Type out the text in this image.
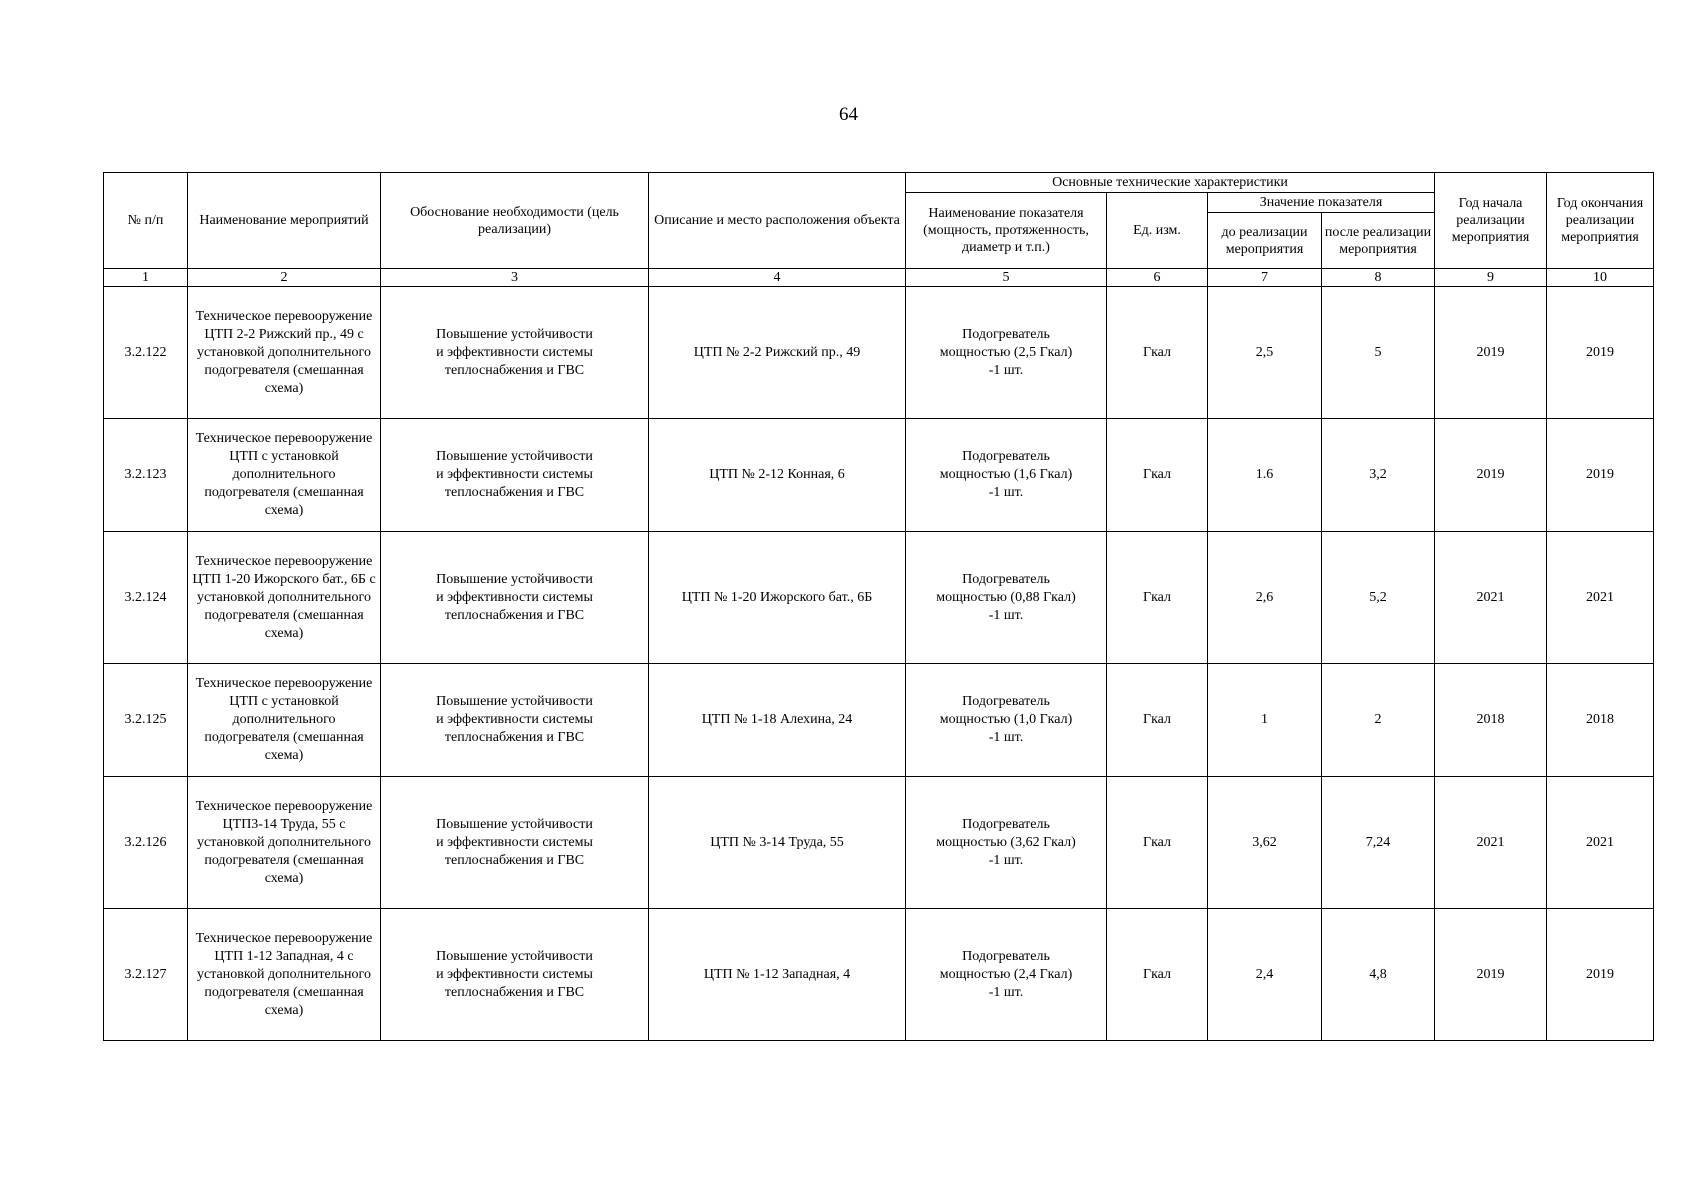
64
№ п/п	Наименование мероприятий	Обоснование необходимости (цель реализации)	Описание и место расположения объекта	Основные технические характеристики				Год начала реализации мероприятия	Год окончания реализации мероприятия
				Наименование показателя (мощность, протяженность, диаметр и т.п.)	Ед. изм.	Значение показателя			
						до реализации мероприятия	после реализации мероприятия		
1	2	3	4	5	6	7	8	9	10
3.2.122	Техническое перевооружение ЦТП 2-2 Рижский пр., 49 с установкой дополнительного подогревателя (смешанная схема)	Повышение устойчивости
и эффективности системы
теплоснабжения и ГВС	ЦТП № 2-2 Рижский пр., 49	Подогреватель
мощностью (2,5 Гкал)
-1 шт.	Гкал	2,5	5	2019	2019
3.2.123	Техническое перевооружение ЦТП с установкой дополнительного подогревателя (смешанная схема)	Повышение устойчивости
и эффективности системы
теплоснабжения и ГВС	ЦТП № 2-12 Конная, 6	Подогреватель
мощностью (1,6 Гкал)
-1 шт.	Гкал	1.6	3,2	2019	2019
3.2.124	Техническое перевооружение ЦТП 1-20 Ижорского бат., 6Б с установкой дополнительного подогревателя (смешанная схема)	Повышение устойчивости
и эффективности системы
теплоснабжения и ГВС	ЦТП № 1-20 Ижорского бат., 6Б	Подогреватель
мощностью (0,88 Гкал)
-1 шт.	Гкал	2,6	5,2	2021	2021
3.2.125	Техническое перевооружение ЦТП с установкой дополнительного подогревателя (смешанная схема)	Повышение устойчивости
и эффективности системы
теплоснабжения и ГВС	ЦТП № 1-18 Алехина, 24	Подогреватель
мощностью (1,0 Гкал)
-1 шт.	Гкал	1	2	2018	2018
3.2.126	Техническое перевооружение ЦТП3-14 Труда, 55 с установкой дополнительного подогревателя (смешанная схема)	Повышение устойчивости
и эффективности системы
теплоснабжения и ГВС	ЦТП № 3-14 Труда, 55	Подогреватель
мощностью (3,62 Гкал)
-1 шт.	Гкал	3,62	7,24	2021	2021
3.2.127	Техническое перевооружение ЦТП 1-12 Западная, 4 с установкой дополнительного подогревателя (смешанная схема)	Повышение устойчивости
и эффективности системы
теплоснабжения и ГВС	ЦТП № 1-12 Западная, 4	Подогреватель
мощностью (2,4 Гкал)
-1 шт.	Гкал	2,4	4,8	2019	2019
